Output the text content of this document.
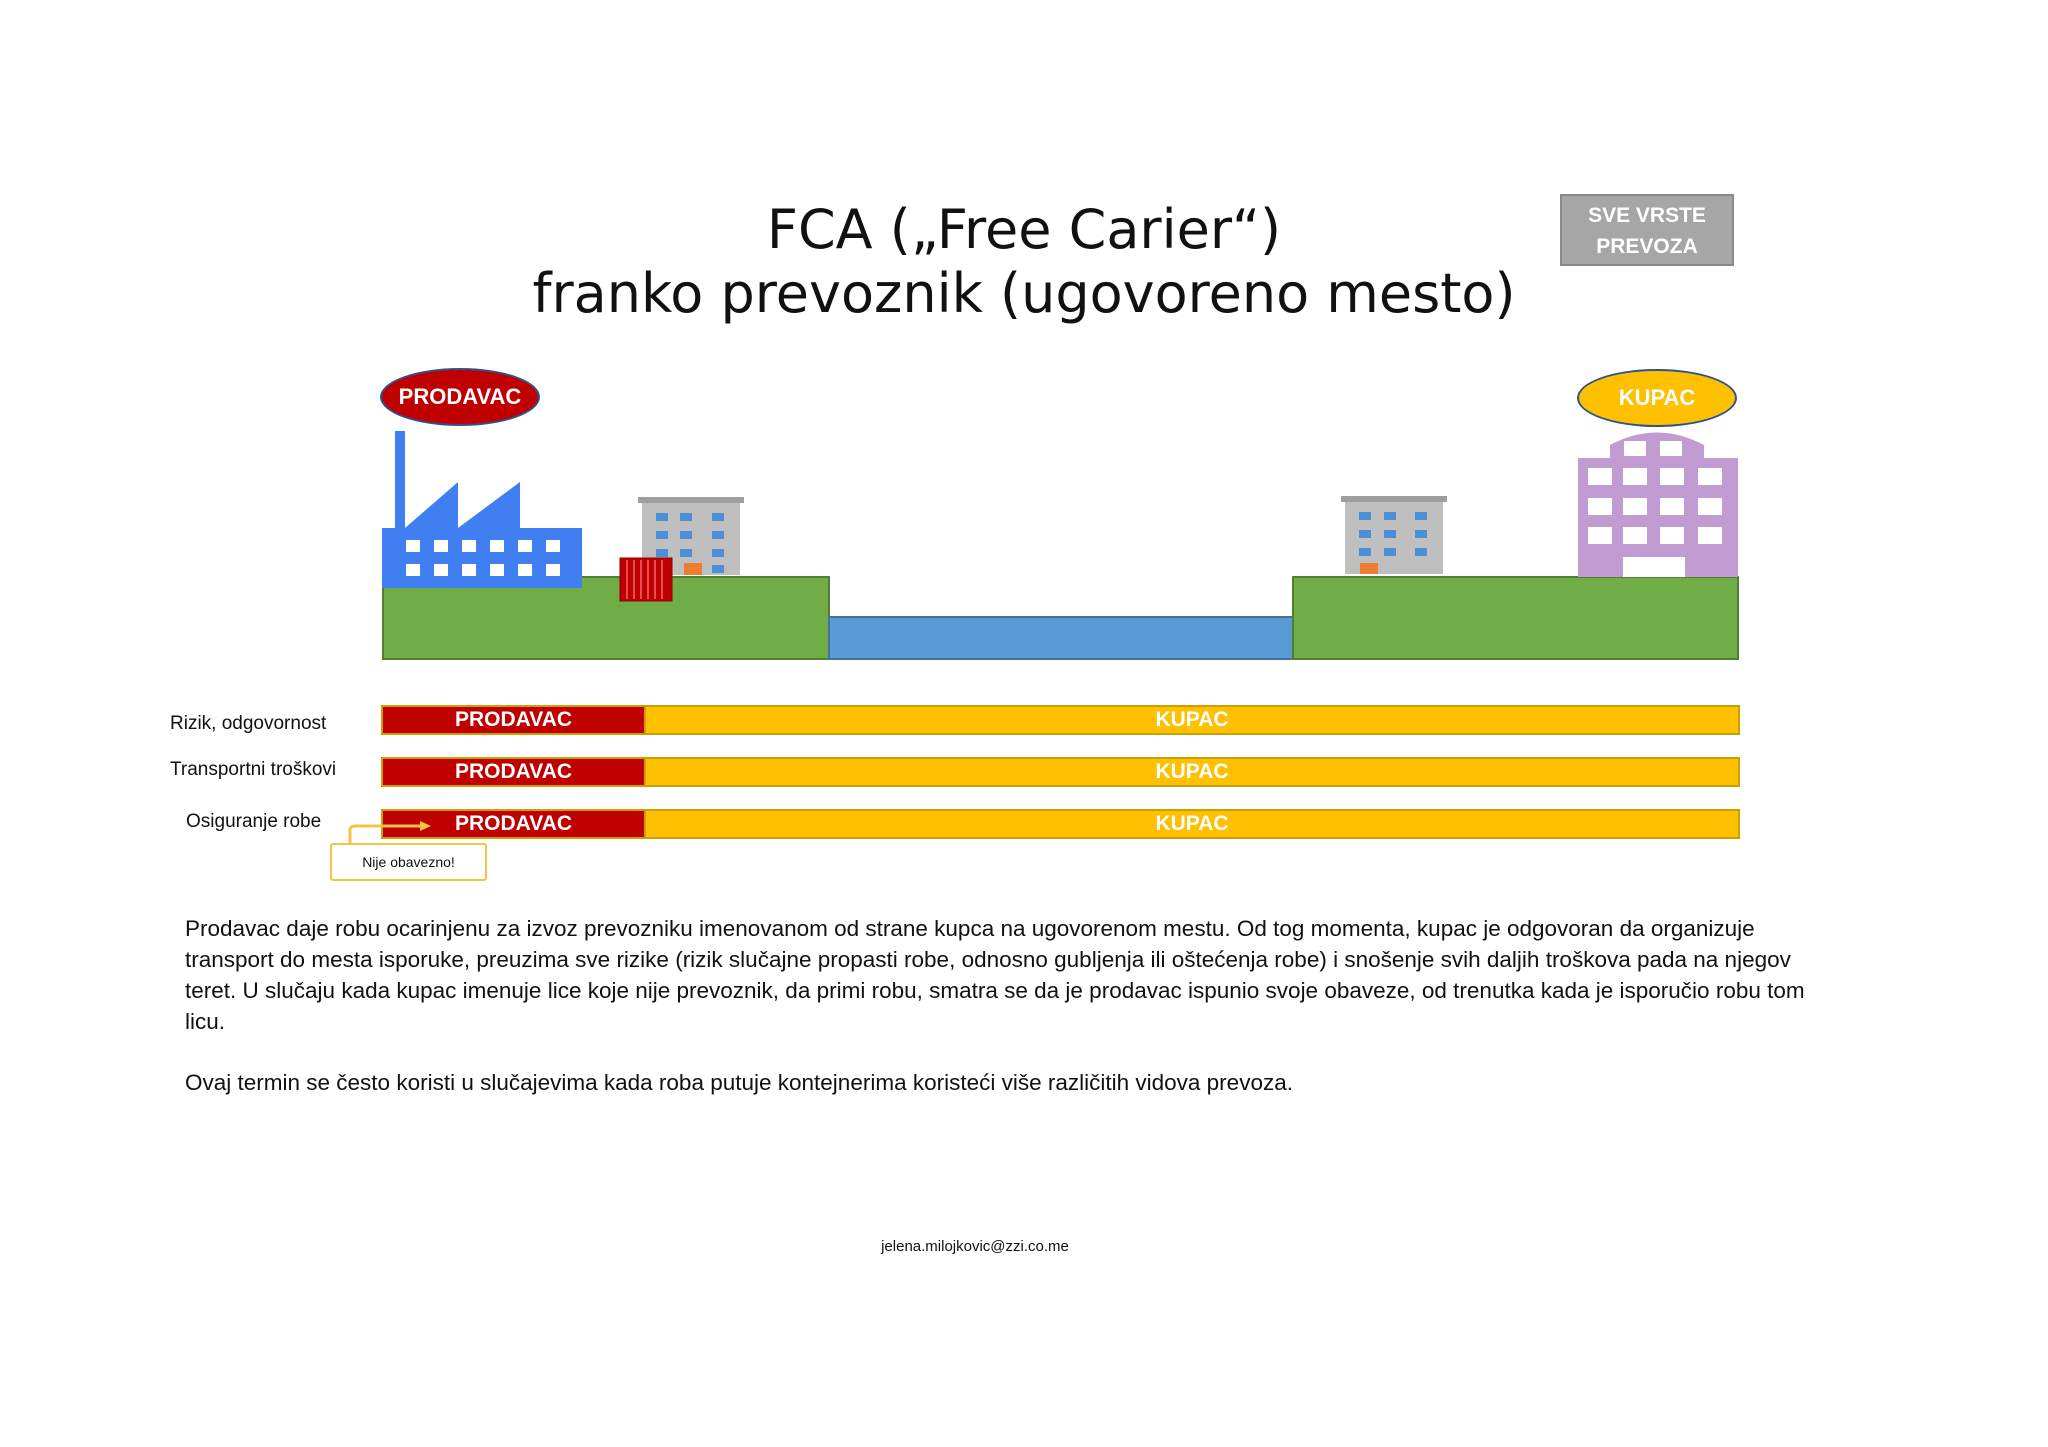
FCA („Free Carier“)
franko prevoznik (ugovoreno mesto)
SVE VRSTE
PREVOZA
PRODAVAC	KUPAC
Rizik, odgovornost	PRODAVAC	KUPAC
Transportni troškovi	PRODAVAC	KUPAC
Osiguranje robe	PRODAVAC	KUPAC
Nije obavezno!
Prodavac daje robu ocarinjenu za izvoz prevozniku imenovanom od strane kupca na ugovorenom mestu. Od tog momenta, kupac je odgovoran da organizuje transport do mesta isporuke, preuzima sve rizike (rizik slučajne propasti robe, odnosno gubljenja ili oštećenja robe) i snošenje svih daljih troškova pada na njegov teret. U slučaju kada kupac imenuje lice koje nije prevoznik, da primi robu, smatra se da je prodavac ispunio svoje obaveze, od trenutka kada je isporučio robu tom licu.
Ovaj termin se često koristi u slučajevima kada roba putuje kontejnerima koristeći više različitih vidova prevoza.
jelena.milojkovic@zzi.co.me
